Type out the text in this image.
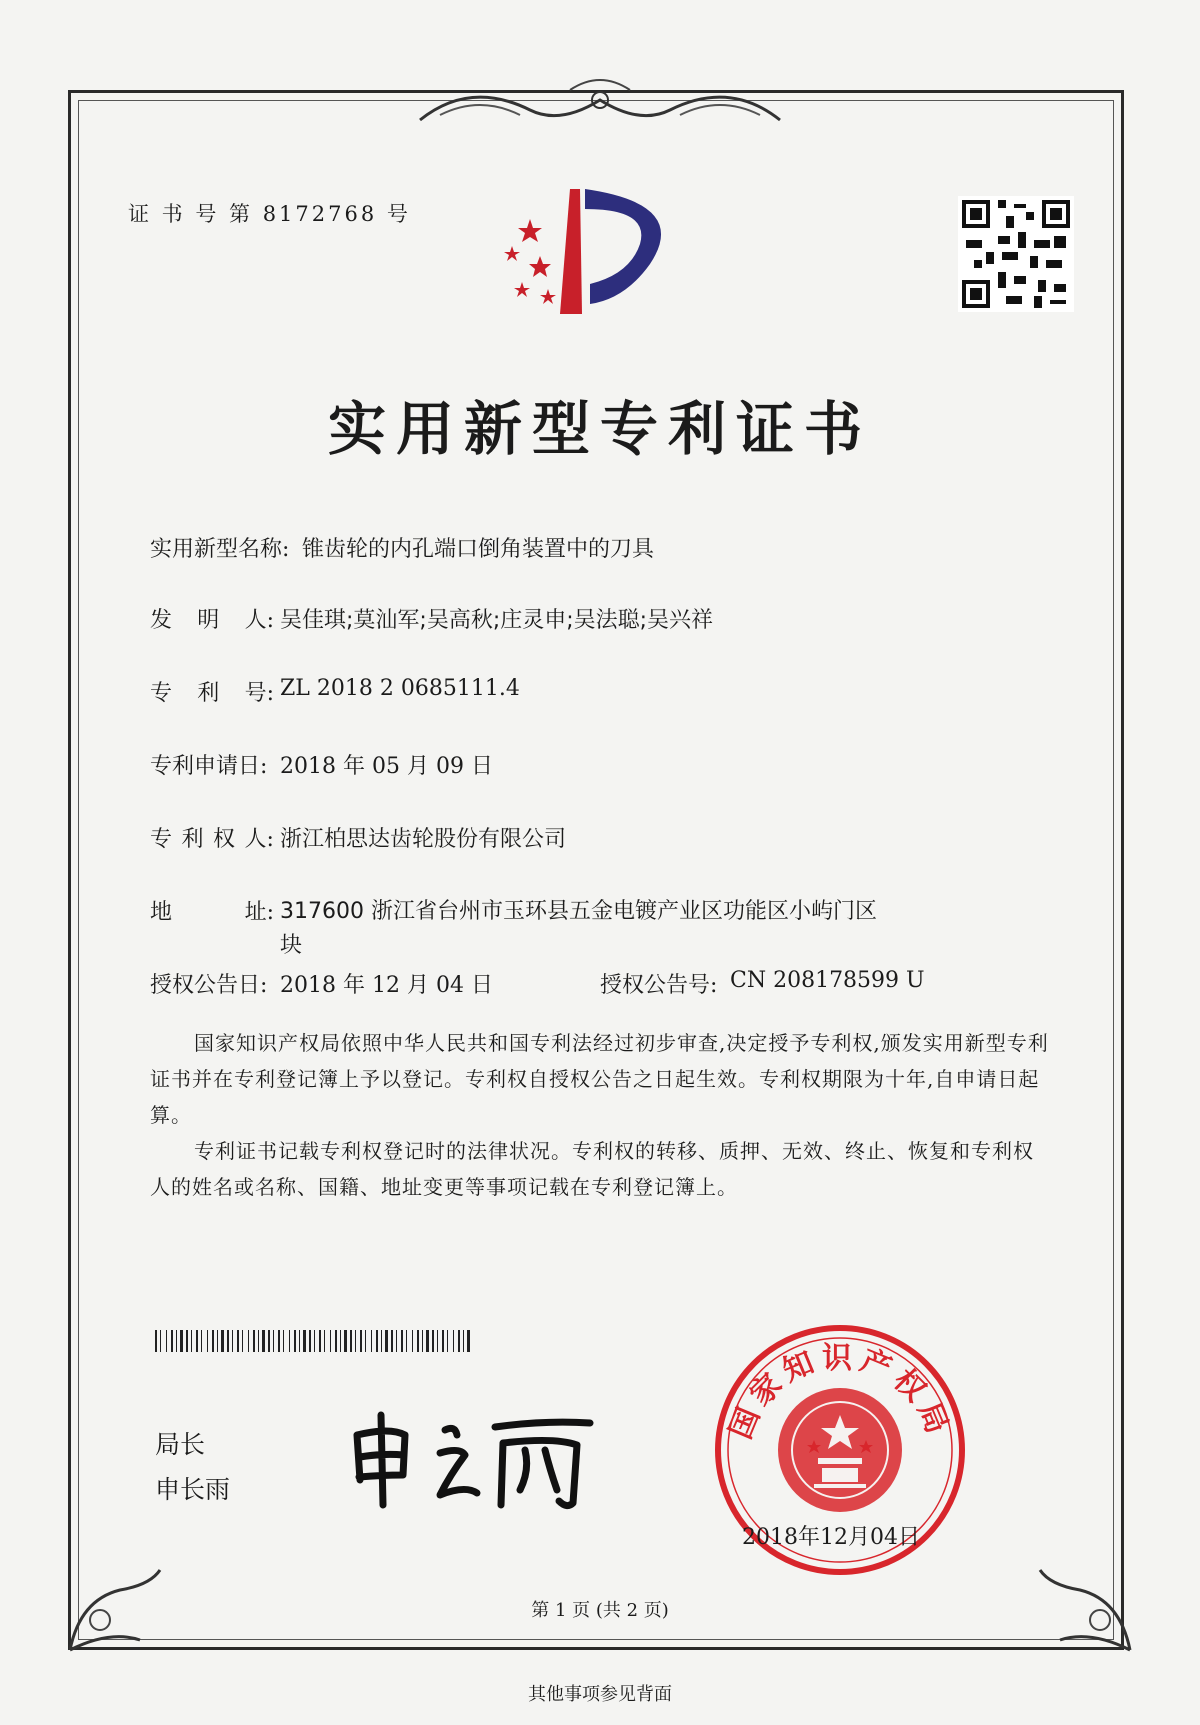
证 书 号 第 8172768 号
实用新型专利证书
实用新型名称: 锥齿轮的内孔端口倒角装置中的刀具
发 明 人: 吴佳琪;莫汕军;吴高秋;庄灵申;吴法聪;吴兴祥
专 利 号: ZL 2018 2 0685111.4
专利申请日: 2018 年 05 月 09 日
专 利 权 人: 浙江柏思达齿轮股份有限公司
地	址: 317600 浙江省台州市玉环县五金电镀产业区功能区小屿门区块
授权公告日: 2018 年 12 月 04 日	授权公告号: CN 208178599 U
国家知识产权局依照中华人民共和国专利法经过初步审查,决定授予专利权,颁发实用新型专利证书并在专利登记簿上予以登记。专利权自授权公告之日起生效。专利权期限为十年,自申请日起算。
专利证书记载专利权登记时的法律状况。专利权的转移、质押、无效、终止、恢复和专利权人的姓名或名称、国籍、地址变更等事项记载在专利登记簿上。
局长
申长雨
国家知识产权局
2018年12月04日
第 1 页 (共 2 页)
其他事项参见背面
